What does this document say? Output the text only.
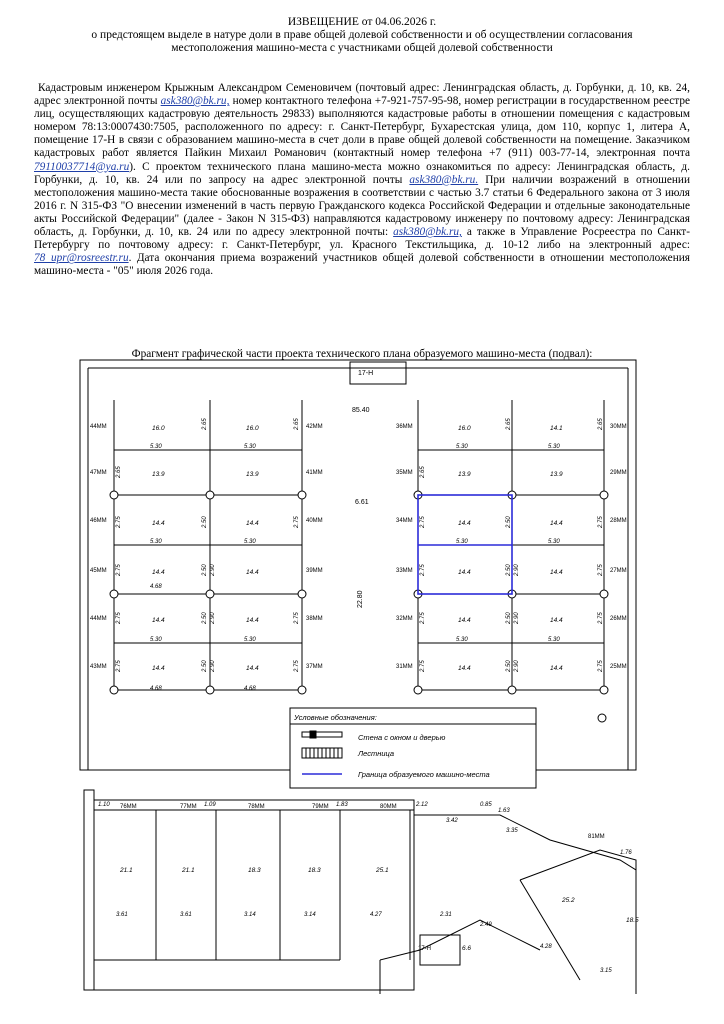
ИЗВЕЩЕНИЕ от 04.06.2026 г.
о предстоящем выделе в натуре доли в праве общей долевой собственности и об осуществлении согласования
местоположения машино-места с участниками общей долевой собственности

Кадастровым инженером Крыжным Александром Семеновичем (почтовый адрес: Ленинградская область, д. Горбунки, д. 10, кв. 24, адрес электронной почты ask380@bk.ru, номер контактного телефона +7-921-757-95-98, номер регистрации в государственном реестре лиц, осуществляющих кадастровую деятельность 29833) выполняются кадастровые работы в отношении помещения с кадастровым номером 78:13:0007430:7505, расположенного по адресу: г. Санкт-Петербург, Бухарестская улица, дом 110, корпус 1, литера А, помещение 17-Н в связи с образованием машино-места в счет доли в праве общей долевой собственности на помещение. Заказчиком кадастровых работ является Пайкин Михаил Романович (контактный номер телефона +7 (911) 003-77-14, электронная почта 79110037714@ya.ru). С проектом технического плана машино-места можно ознакомиться по адресу: Ленинградская область, д. Горбунки, д. 10, кв. 24 или по запросу на адрес электронной почты ask380@bk.ru. При наличии возражений в отношении местоположения машино-места такие обоснованные возражения в соответствии с частью 3.7 статьи 6 Федерального закона от 3 июля 2016 г. N 315-ФЗ "О внесении изменений в часть первую Гражданского кодекса Российской Федерации и отдельные законодательные акты Российской Федерации" (далее - Закон N 315-ФЗ) направляются кадастровому инженеру по почтовому адресу: Ленинградская область, д. Горбунки, д. 10, кв. 24 или по адресу электронной почты: ask380@bk.ru, а также в Управление Росреестра по Санкт-Петербургу по почтовому адресу: г. Санкт-Петербург, ул. Красного Текстильщика, д. 10-12 либо на электронный адрес: 78_upr@rosreestr.ru. Дата окончания приема возражений участников общей долевой собственности в отношении местоположения машино-места - "05" июля 2026 года.

Фрагмент графической части проекта технического плана образуемого машино-места (подвал):
17-Н
85.40
6.61
22.80
44ММ
47ММ
46ММ
45ММ
44ММ
43ММ
42ММ
41ММ
40ММ
39ММ
38ММ
37ММ
36ММ
35ММ
34ММ
33ММ
32ММ
31ММ
30ММ
29ММ
28ММ
27ММ
26ММ
25ММ
16.0	16.0	16.0	14.1
13.9	13.9	13.9	13.9
14.4	14.4	14.4	14.4
14.4	14.4	14.4	14.4
14.4	14.4	14.4	14.4
14.4	14.4	14.4	14.4
5.30	5.30	5.30	5.30
5.30	5.30	5.30	5.30
5.30	5.30	5.30	5.30
4.68
4.68	4.68
2.65	2.65	2.65	2.65
2.65	2.65
2.75	2.75	2.75	2.75
2.50	2.50
2.75	2.75	2.75
2.50 2.90	2.50 2.90
2.75	2.75	2.75	2.75
2.50 2.90	2.50 2.90
2.75	2.75	2.75	2.75
2.50 2.90	2.50 2.90
Условные обозначения:
Стена с окном и дверью
Лестница
Граница образуемого машино-места
17-Н	6.6
76ММ	77ММ	78ММ	79ММ	80ММ
81ММ
21.1	21.1	18.3	18.3	25.1
25.2
18.5
1.10	1.09	1.83	2.12	0.85
1.63
3.42
3.35
1.76
3.61	3.61	3.14	3.14	4.27	2.31
2.49
4.28
3.15
